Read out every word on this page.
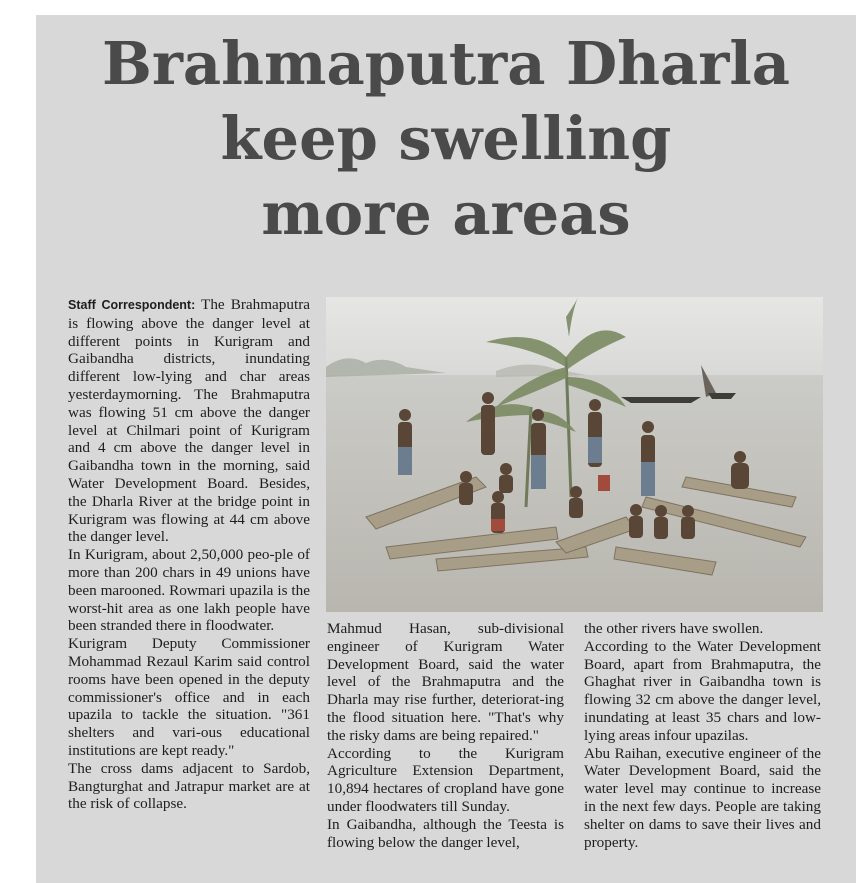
Brahmaputra Dharla
keep swelling
more areas

Staff Correspondent: The Brahmaputra is flowing above the danger level at different points in Kurigram and Gaibandha districts, inundating different low-lying and char areas yesterdaymorning. The Brahmaputra was flowing 51 cm above the danger level at Chilmari point of Kurigram and 4 cm above the danger level in Gaibandha town in the morning, said Water Development Board. Besides, the Dharla River at the bridge point in Kurigram was flowing at 44 cm above the danger level.

In Kurigram, about 2,50,000 peo-ple of more than 200 chars in 49 unions have been marooned. Rowmari upazila is the worst-hit area as one lakh people have been stranded there in floodwater.

Kurigram Deputy Commissioner Mohammad Rezaul Karim said control rooms have been opened in the deputy commissioner's office and in each upazila to tackle the situation. "361 shelters and vari-ous educational institutions are kept ready."

The cross dams adjacent to Sardob, Bangturghat and Jatrapur market are at the risk of collapse.

Mahmud Hasan, sub-divisional engineer of Kurigram Water Development Board, said the water level of the Brahmaputra and the Dharla may rise further, deteriorat-ing the flood situation here. "That's why the risky dams are being repaired."

According to the Kurigram Agriculture Extension Department, 10,894 hectares of cropland have gone under floodwaters till Sunday.

In Gaibandha, although the Teesta is flowing below the danger level,

the other rivers have swollen.

According to the Water Development Board, apart from Brahmaputra, the Ghaghat river in Gaibandha town is flowing 32 cm above the danger level, inundating at least 35 chars and low-lying areas infour upazilas.

Abu Raihan, executive engineer of the Water Development Board, said the water level may continue to increase in the next few days. People are taking shelter on dams to save their lives and property.
